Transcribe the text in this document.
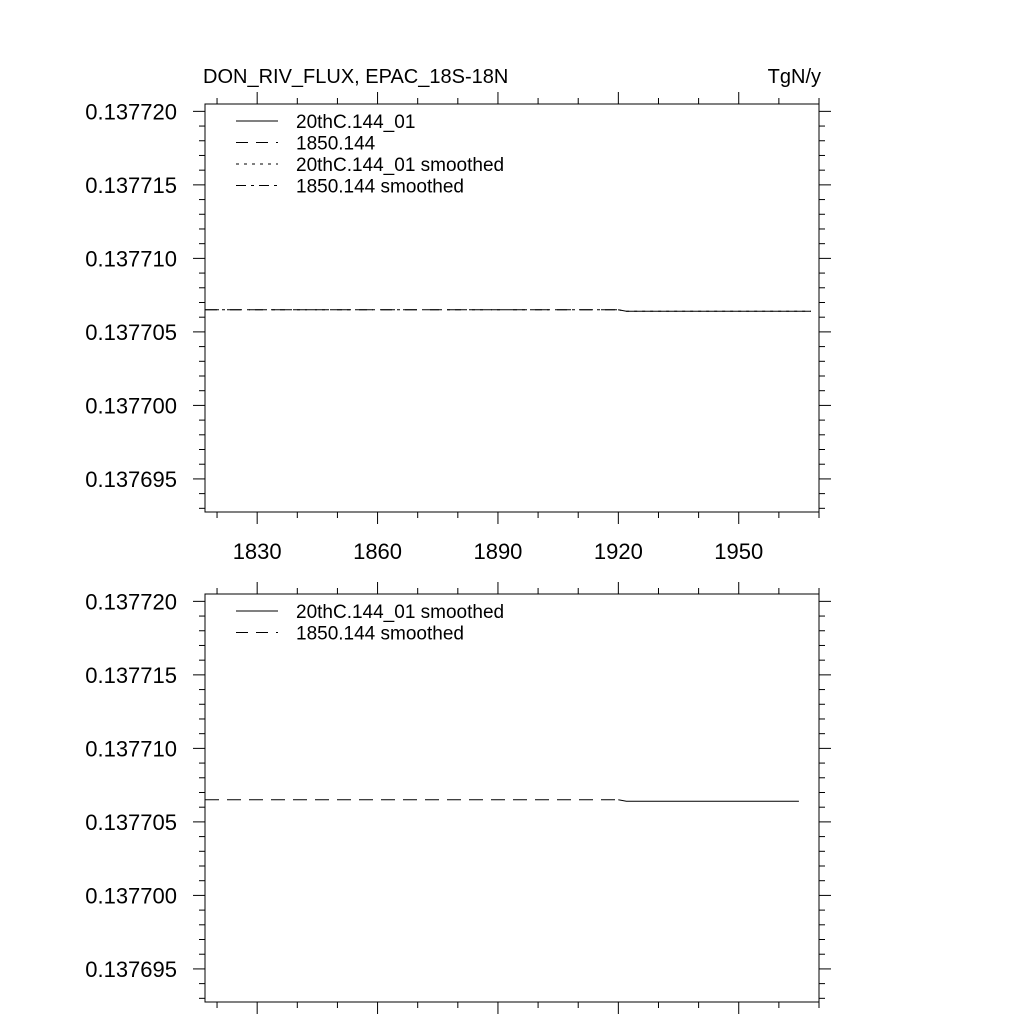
0.137695
0.137700
0.137705
0.137710
0.137715
0.137720
1830	1860	1890	1920	1950
DON_RIV_FLUX, EPAC_18S-18N	TgN/y
20thC.144_01
1850.144
20thC.144_01 smoothed
1850.144 smoothed
0.137695
0.137700
0.137705
0.137710
0.137715
0.137720	20thC.144_01 smoothed
1850.144 smoothed
